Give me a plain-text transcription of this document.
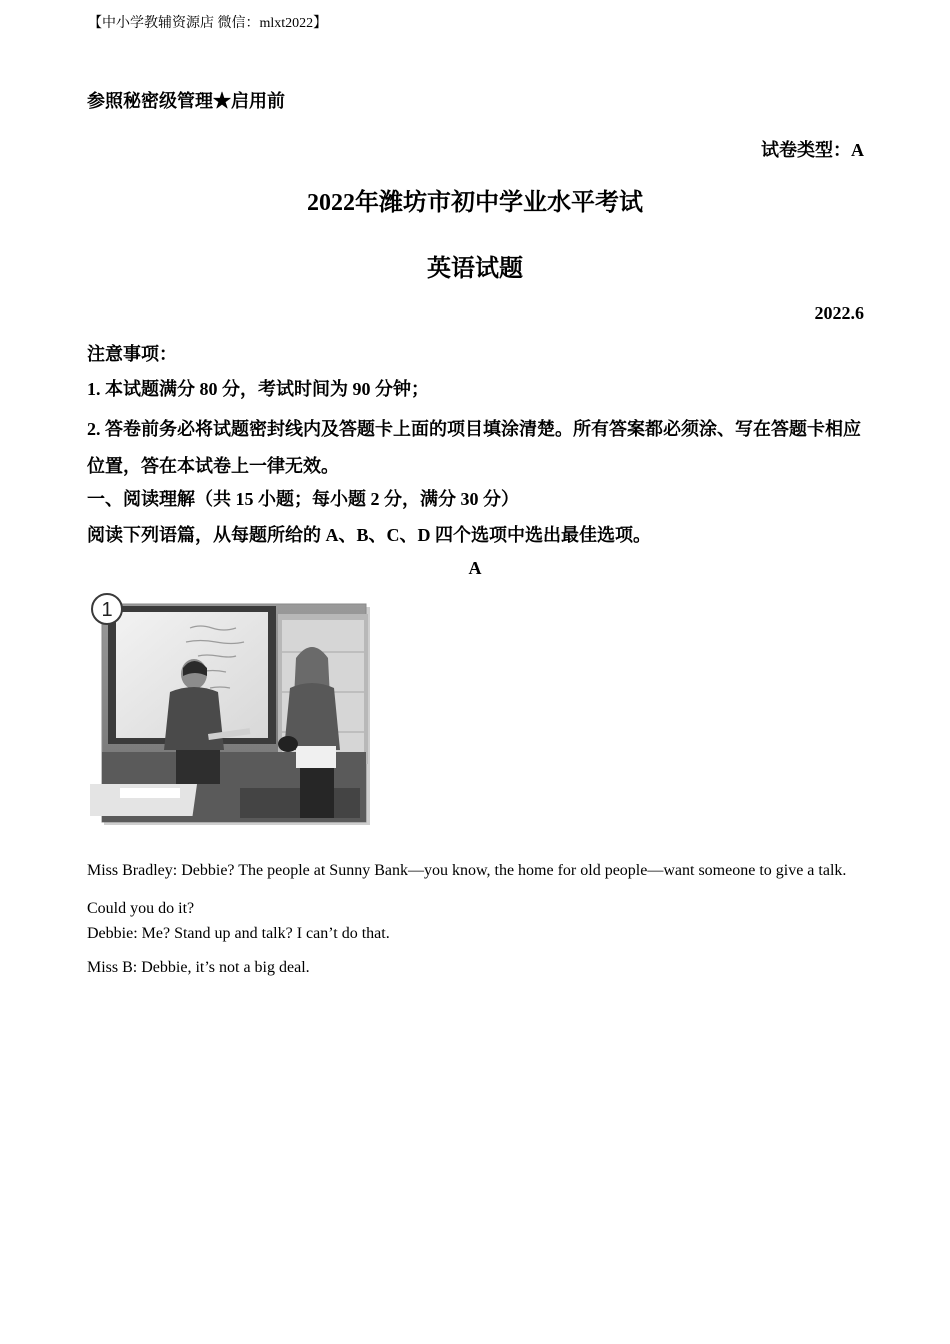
【中小学教辅资源店 微信：mlxt2022】
参照秘密级管理★启用前
试卷类型：A
2022年潍坊市初中学业水平考试
英语试题
2022.6
注意事项：
1. 本试题满分 80 分，考试时间为 90 分钟；
2. 答卷前务必将试题密封线内及答题卡上面的项目填涂清楚。所有答案都必须涂、写在答题卡相应位置，答在本试卷上一律无效。
一、阅读理解（共 15 小题；每小题 2 分，满分 30 分）
阅读下列语篇，从每题所给的 A、B、C、D 四个选项中选出最佳选项。
A
1
Miss Bradley: Debbie? The people at Sunny Bank—you know, the home for old people—want someone to give a talk. Could you do it?
Debbie: Me? Stand up and talk? I can’t do that.
Miss B: Debbie, it’s not a big deal.
